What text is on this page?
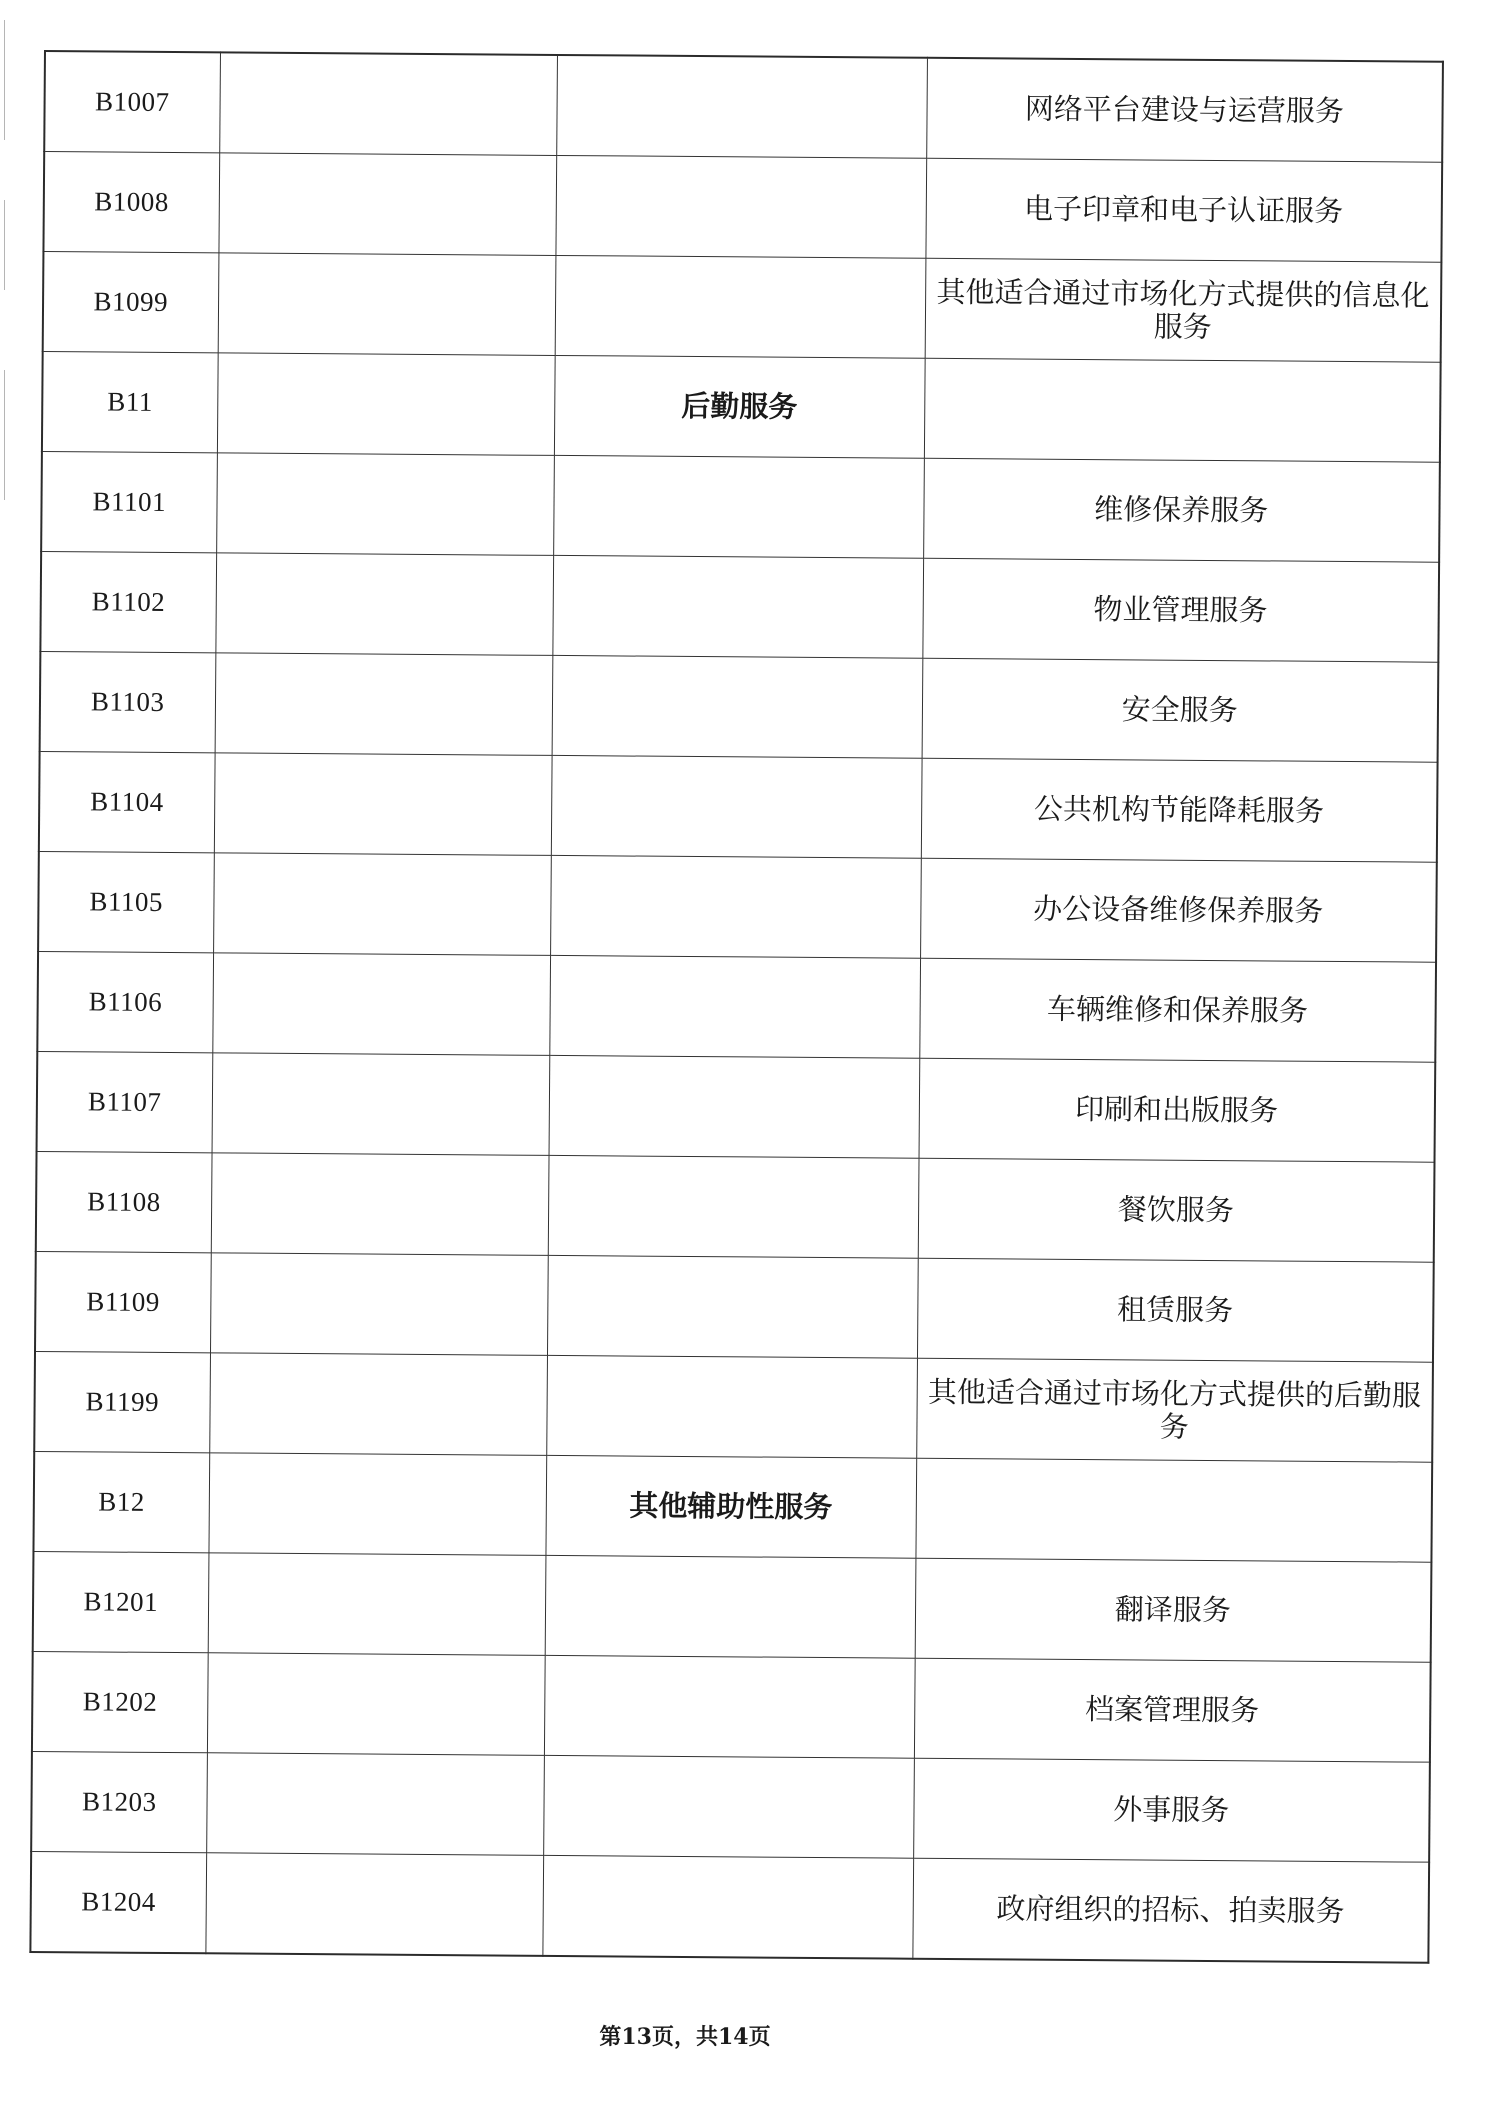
B1007			网络平台建设与运营服务
B1008			电子印章和电子认证服务
B1099			其他适合通过市场化方式提供的信息化服务
B11		后勤服务	
B1101			维修保养服务
B1102			物业管理服务
B1103			安全服务
B1104			公共机构节能降耗服务
B1105			办公设备维修保养服务
B1106			车辆维修和保养服务
B1107			印刷和出版服务
B1108			餐饮服务
B1109			租赁服务
B1199			其他适合通过市场化方式提供的后勤服务
B12		其他辅助性服务	
B1201			翻译服务
B1202			档案管理服务
B1203			外事服务
B1204			政府组织的招标、拍卖服务
第13页，共14页
